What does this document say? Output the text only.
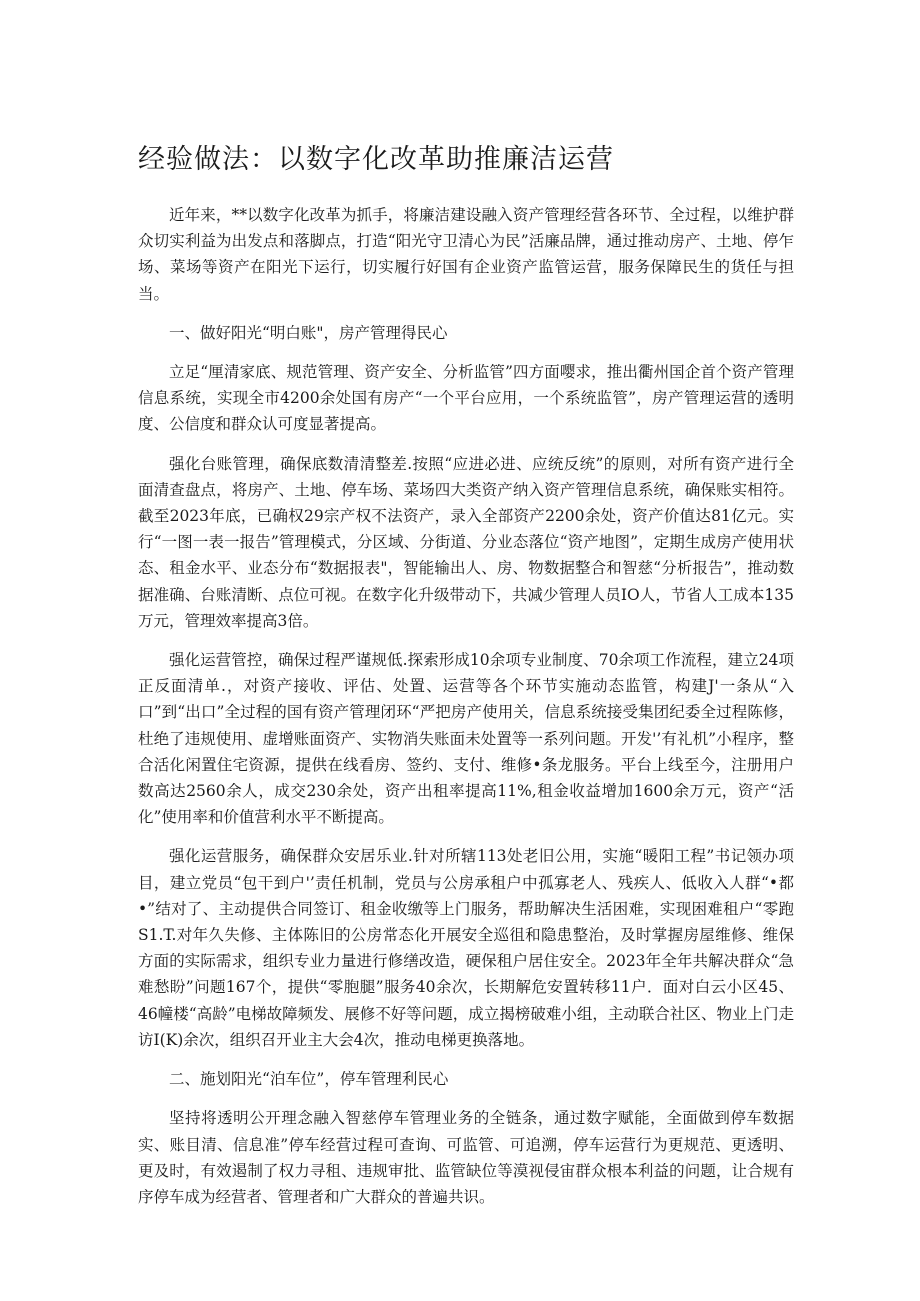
经验做法：以数字化改革助推廉洁运营

近年来，**以数字化改革为抓手，将廉洁建设融入资产管理经营各环节、全过程，以维护群众切实利益为出发点和落脚点，打造“阳光守卫清心为民”活廉品牌，通过推动房产、土地、停乍场、菜场等资产在阳光下运行，切实履行好国有企业资产监管运营，服务保障民生的货任与担当。

一、做好阳光“明白账"，房产管理得民心

立足“厘清家底、规范管理、资产安全、分析监管”四方面嘤求，推出衢州国企首个资产管理信息系统，实现全市4200余处国有房产“一个平台应用，一个系统监管”，房产管理运营的透明度、公信度和群众认可度显著提高。

强化台账管理，确保底数清清整差.按照“应进必进、应统反统”的原则，对所有资产进行全面清查盘点，将房产、土地、停车场、菜场四大类资产纳入资产管理信息系统，确保账实相符。截至2023年底，已确权29宗产权不法资产，录入全部资产2200余处，资产价值达81亿元。实行“一图一表一报告”管理模式，分区域、分街道、分业态落位“资产地图”，定期生成房产使用状态、租金水平、业态分布“数据报表"，智能输出人、房、物数据整合和智慈“分析报告”，推动数据准确、台账清断、点位可视。在数字化升级带动下，共减少管理人员IO人，节省人工成本135万元，管理效率提高3倍。

强化运营管控，确保过程严谨规低.探索形成10余项专业制度、70余项工作流程，建立24项正反面清单.，对资产接收、评估、处置、运营等各个环节实施动态监管，构建J'一条从“入口”到“出口”全过程的国有资产管理闭环“严把房产使用关，信息系统接受集团纪委全过程陈修，杜绝了违规使用、虚增账面资产、实物消失账面未处置等一系列问题。开发'’有礼机”小程序，整合活化闲置住宅资源，提供在线看房、签约、支付、维修•条龙服务。平台上线至今，注册用户数高达2560余人，成交230余处，资产出租率提高11%,租金收益增加1600余万元，资产“活化”使用率和价值营利水平不断提高。

强化运营服务，确保群众安居乐业.针对所辖113处老旧公用，实施“暖阳工程”书记领办项目，建立党员“包干到户'’责任机制，党员与公房承租户中孤寡老人、残疾人、低收入人群“•都•”结对了、主动提供合同签订、租金收缴等上门服务，帮助解决生活困难，实现困难租户“零跑S1.T.对年久失修、主体陈旧的公房常态化开展安全巡徂和隐患整治，及时掌握房屋维修、维保方面的实际需求，组织专业力量进行修缮改造，硬保租户居住安全。2023年全年共解决群众“急难愁盼”问题167个，提供“零胞腿”服务40余次，长期解危安置转移11户．面对白云小区45、46幢楼“高龄”电梯故障频发、展修不好等问题，成立揭榜破难小组，主动联合社区、物业上门走访I(K)余次，组织召开业主大会4次，推动电梯更换落地。

二、施划阳光“泊车位”，停车管理利民心

坚持将透明公开理念融入智慈停车管理业务的全链条，通过数字赋能，全面做到停车数据实、账目清、信息准”停车经营过程可查询、可监管、可追溯，停车运营行为更规范、更透明、更及时，有效遏制了权力寻租、违规审批、监管缺位等漠视侵宙群众根本利益的问题，让合规有序停车成为经营者、管理者和广大群众的普遍共识。
